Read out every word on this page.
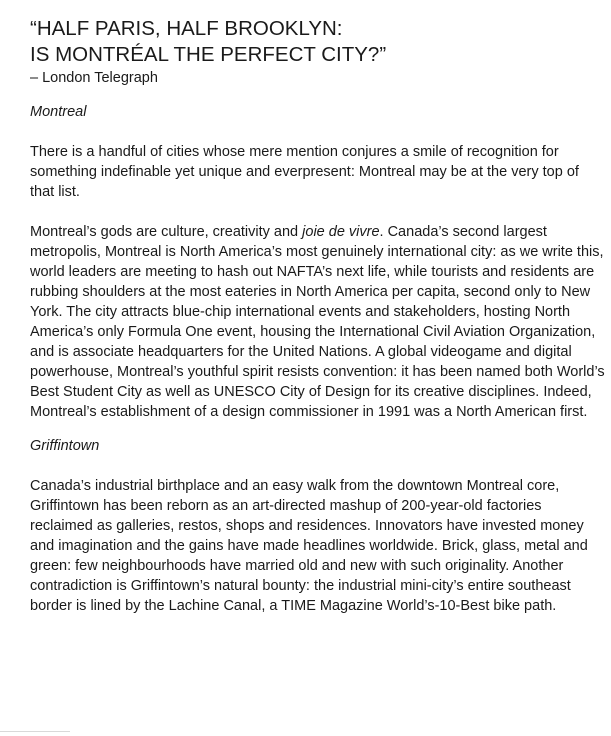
“HALF PARIS, HALF BROOKLYN:

IS MONTRÉAL THE PERFECT CITY?”

– London Telegraph

Montreal

There is a handful of cities whose mere mention conjures a smile of recognition for something indefinable yet unique and everpresent: Montreal may be at the very top of that list.

Montreal’s gods are culture, creativity and joie de vivre. Canada’s second largest metropolis, Montreal is North America’s most genuinely international city: as we write this, world leaders are meeting to hash out NAFTA’s next life, while tourists and residents are rubbing shoulders at the most eateries in North America per capita, second only to New York. The city attracts blue-chip international events and stakeholders, hosting North America’s only Formula One event, housing the International Civil Aviation Organization, and is associate headquarters for the United Nations. A global videogame and digital powerhouse, Montreal’s youthful spirit resists convention: it has been named both World’s Best Student City as well as UNESCO City of Design for its creative disciplines. Indeed, Montreal’s establishment of a design commissioner in 1991 was a North American first.

Griffintown

Canada’s industrial birthplace and an easy walk from the downtown Montreal core, Griffintown has been reborn as an art-directed mashup of 200-year-old factories reclaimed as galleries, restos, shops and residences. Innovators have invested money and imagination and the gains have made headlines worldwide. Brick, glass, metal and green: few neighbourhoods have married old and new with such originality. Another contradiction is Griffintown’s natural bounty: the industrial mini-city’s entire southeast border is lined by the Lachine Canal, a TIME Magazine World’s-10-Best bike path.
